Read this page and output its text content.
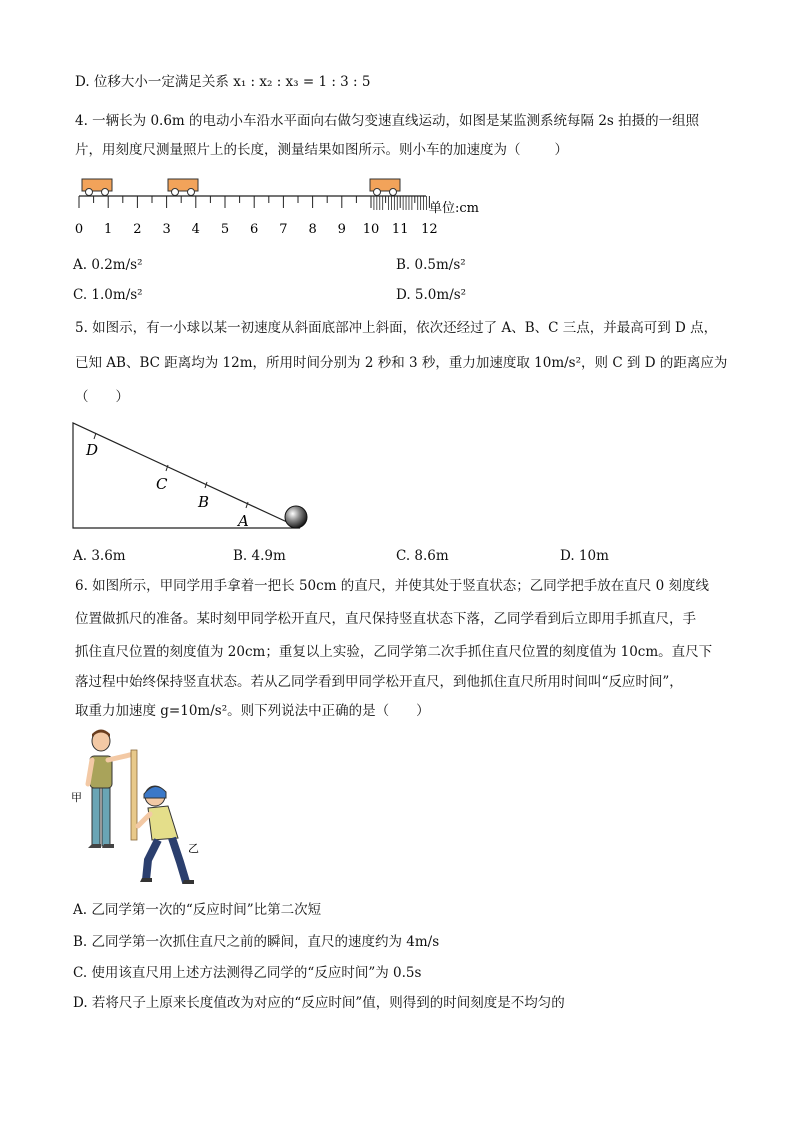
D. 位移大小一定满足关系 x₁ : x₂ : x₃ = 1 : 3 : 5
4. 一辆长为 0.6m 的电动小车沿水平面向右做匀变速直线运动，如图是某监测系统每隔 2s 拍摄的一组照
片，用刻度尺测量照片上的长度，测量结果如图所示。则小车的加速度为（	）
0 1 2 3 4 5 6 7 8 9 10 11 12
单位:cm
A. 0.2m/s²	B. 0.5m/s²
C. 1.0m/s²	D. 5.0m/s²
5. 如图示，有一小球以某一初速度从斜面底部冲上斜面，依次还经过了 A、B、C 三点，并最高可到 D 点，
已知 AB、BC 距离均为 12m，所用时间分别为 2 秒和 3 秒，重力加速度取 10m/s²，则 C 到 D 的距离应为
（　　）
D
C
B
A
A. 3.6m	B. 4.9m	C. 8.6m	D. 10m
6. 如图所示，甲同学用手拿着一把长 50cm 的直尺，并使其处于竖直状态；乙同学把手放在直尺 0 刻度线
位置做抓尺的准备。某时刻甲同学松开直尺，直尺保持竖直状态下落，乙同学看到后立即用手抓直尺，手
抓住直尺位置的刻度值为 20cm；重复以上实验，乙同学第二次手抓住直尺位置的刻度值为 10cm。直尺下
落过程中始终保持竖直状态。若从乙同学看到甲同学松开直尺，到他抓住直尺所用时间叫“反应时间”，
取重力加速度 g=10m/s²。则下列说法中正确的是（　　）
甲
乙
A. 乙同学第一次的“反应时间”比第二次短
B. 乙同学第一次抓住直尺之前的瞬间，直尺的速度约为 4m/s
C. 使用该直尺用上述方法测得乙同学的“反应时间”为 0.5s
D. 若将尺子上原来长度值改为对应的“反应时间”值，则得到的时间刻度是不均匀的
